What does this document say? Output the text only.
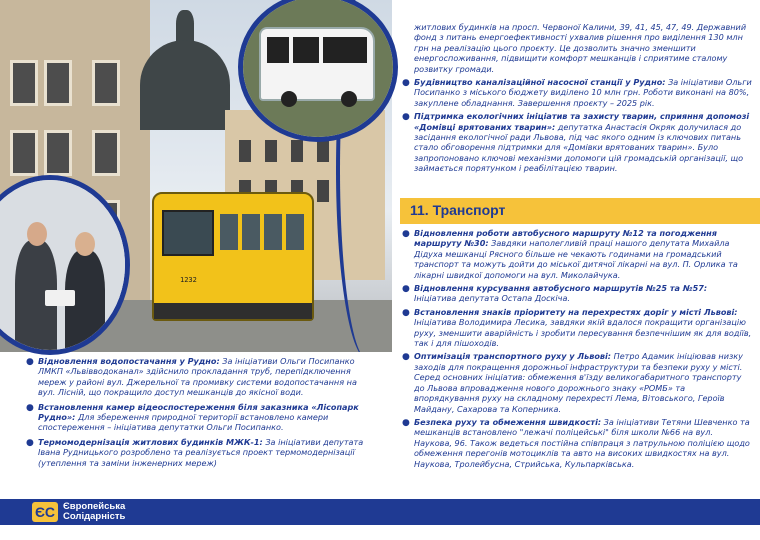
1232
● Відновлення водопостачання у Рудно: За ініціативи Ольги Посипанко ЛМКП «Львівводоканал» здійснило прокладання труб, перепідключення мереж у районі вул. Джерельної та промивку системи водопостачання на вул. Лісній, що покращило доступ мешканців до якісної води.
● Встановлення камер відеоспостереження біля заказника «Лісопарк Рудно»: Для збереження природної території встановлено камери спостереження – ініціатива депутатки Ольги Посипанко.
● Термомодернізація житлових будинків МЖК-1: За ініціативи депутата Івана Рудницького розроблено та реалізується проект термомодернізації (утеплення та заміни інженерних мереж)
житлових будинків на просп. Червоної Калини, 39, 41, 45, 47, 49. Державний фонд з питань енергоефективності ухвалив рішення про виділення 130 млн грн на реалізацію цього проєкту. Це дозволить значно зменшити енергоспоживання, підвищити комфорт мешканців і сприятиме сталому розвитку громади.
● Будівництво каналізаційної насосної станції у Рудно: За ініціативи Ольги Посипанко з міського бюджету виділено 10 млн грн. Роботи виконані на 80%, закуплене обладнання. Завершення проєкту – 2025 рік.
● Підтримка екологічних ініціатив та захисту тварин, сприяння допомозі «Домівці врятованих тварин»: депутатка Анастасія Окряк долучилася до засідання екологічної ради Львова, під час якого одним із ключових питань стало обговорення підтримки для «Домівки врятованих тварин». Було запропоновано ключові механізми допомоги цій громадській організації, що займається порятунком і реабілітацією тварин.
11. Транспорт
● Відновлення роботи автобусного маршруту №12 та погодження маршруту №30: Завдяки наполегливій праці нашого депутата Михайла Дідуха мешканці Рясного більше не чекають годинами на громадський транспорт та можуть дойти до міської дитячої лікарні на вул. П. Орлика та лікарні швидкої допомоги на вул. Миколайчука.
● Відновлення курсування автобусного маршрутів №25 та №57: Ініціатива депутата Остапа Доскіча.
● Встановлення знаків пріоритету на перехрестях доріг у місті Львові: Ініціатива Володимира Лесика, завдяки якій вдалося покращити організацію руху, зменшити аварійність і зробити пересування безпечнішим як для водіїв, так і для пішоходів.
● Оптимізація транспортного руху у Львові: Петро Адамик ініціював низку заходів для покращення дорожньої інфраструктури та безпеки руху у місті. Серед основних ініціатив: обмеження в'їзду великогабаритного транспорту до Львова впровадження нового дорожнього знаку «РОМБ» та впорядкування руху на складному перехресті Лема, Вітовського, Героїв Майдану, Сахарова та Коперника.
● Безпека руху та обмеження швидкості: За ініціативи Тетяни Шевченко та мешканців встановлено "лежачі поліцейські" біля школи №66 на вул. Наукова, 96. Також ведеться постійна співпраця з патрульною поліцією щодо обмеження перегонів мотоциклів та авто на високих швидкостях на вул. Наукова, Тролейбусна, Стрийська, Кульпарківська.
ЄС Європейська
Солідарність
